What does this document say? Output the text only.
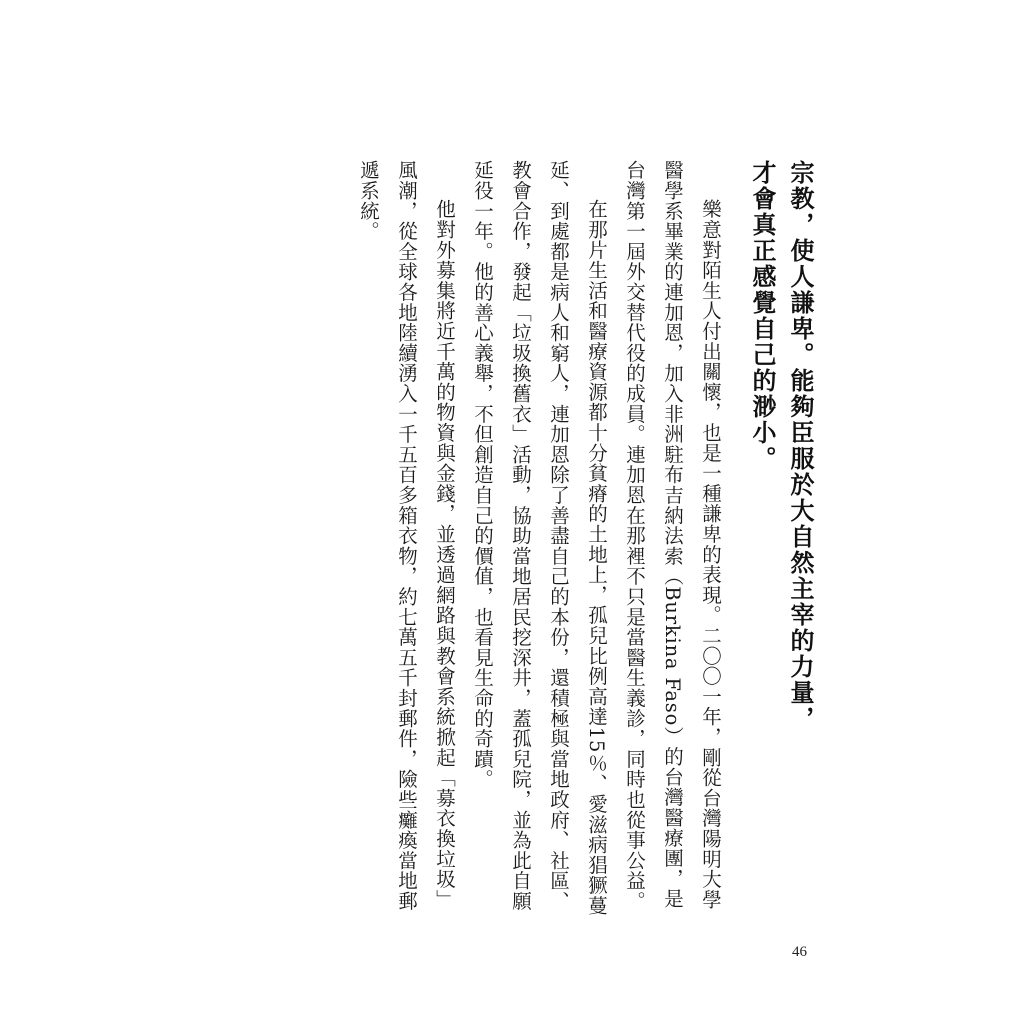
宗教，使人謙卑。能夠臣服於大自然主宰的力量，

才會真正感覺自己的渺小。

樂意對陌生人付出關懷，也是一種謙卑的表現。二〇〇一年，剛從台灣陽明大學醫學系畢業的連加恩，加入非洲駐布吉納法索（Burkina Faso）的台灣醫療團，是台灣第一屆外交替代役的成員。連加恩在那裡不只是當醫生義診，同時也從事公益。

在那片生活和醫療資源都十分貧瘠的土地上，孤兒比例高達15％、愛滋病猖獗蔓延、到處都是病人和窮人，連加恩除了善盡自己的本份，還積極與當地政府、社區、教會合作，發起「垃圾換舊衣」活動，協助當地居民挖深井，蓋孤兒院，並為此自願延役一年。他的善心義舉，不但創造自己的價值，也看見生命的奇蹟。

他對外募集將近千萬的物資與金錢，並透過網路與教會系統掀起「募衣換垃圾」風潮，從全球各地陸續湧入一千五百多箱衣物，約七萬五千封郵件，險些癱瘓當地郵遞系統。

46
